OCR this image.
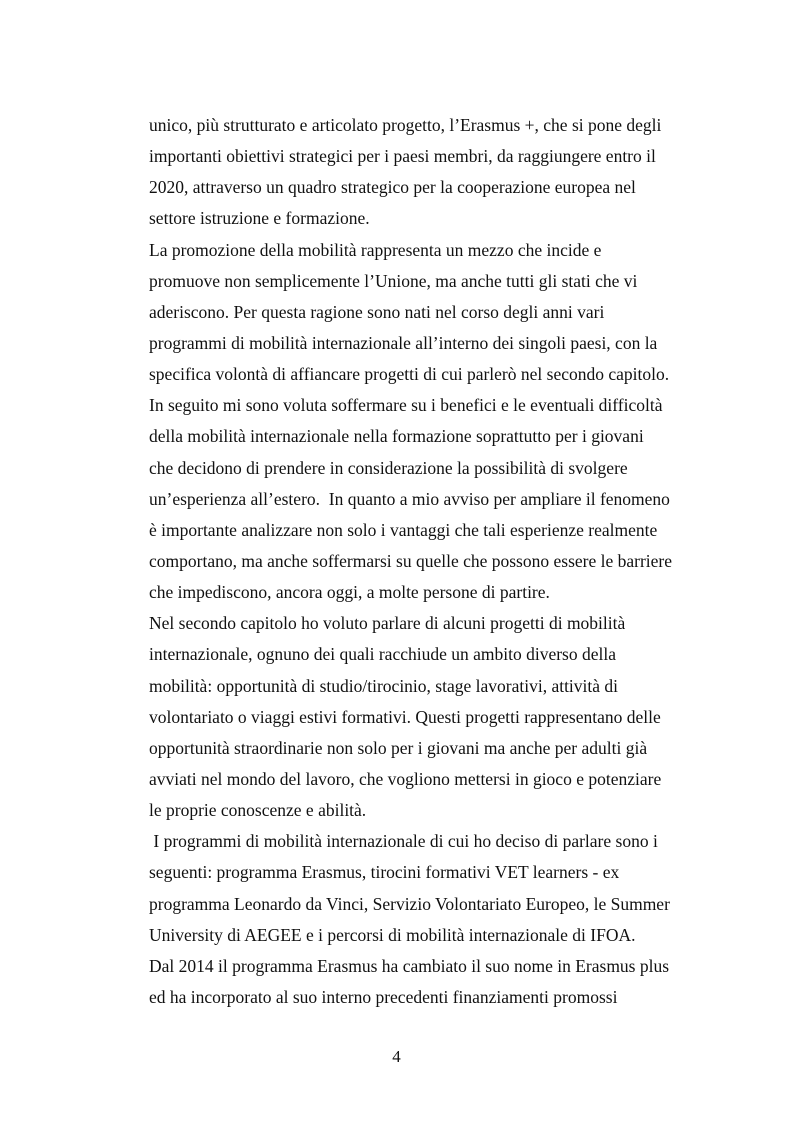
unico, più strutturato e articolato progetto, l’Erasmus +, che si pone degli
importanti obiettivi strategici per i paesi membri, da raggiungere entro il
2020, attraverso un quadro strategico per la cooperazione europea nel
settore istruzione e formazione.
La promozione della mobilità rappresenta un mezzo che incide e
promuove non semplicemente l’Unione, ma anche tutti gli stati che vi
aderiscono. Per questa ragione sono nati nel corso degli anni vari
programmi di mobilità internazionale all’interno dei singoli paesi, con la
specifica volontà di affiancare progetti di cui parlerò nel secondo capitolo.
In seguito mi sono voluta soffermare su i benefici e le eventuali difficoltà
della mobilità internazionale nella formazione soprattutto per i giovani
che decidono di prendere in considerazione la possibilità di svolgere
un’esperienza all’estero.  In quanto a mio avviso per ampliare il fenomeno
è importante analizzare non solo i vantaggi che tali esperienze realmente
comportano, ma anche soffermarsi su quelle che possono essere le barriere
che impediscono, ancora oggi, a molte persone di partire.
Nel secondo capitolo ho voluto parlare di alcuni progetti di mobilità
internazionale, ognuno dei quali racchiude un ambito diverso della
mobilità: opportunità di studio/tirocinio, stage lavorativi, attività di
volontariato o viaggi estivi formativi. Questi progetti rappresentano delle
opportunità straordinarie non solo per i giovani ma anche per adulti già
avviati nel mondo del lavoro, che vogliono mettersi in gioco e potenziare
le proprie conoscenze e abilità.
I programmi di mobilità internazionale di cui ho deciso di parlare sono i
seguenti: programma Erasmus, tirocini formativi VET learners - ex
programma Leonardo da Vinci, Servizio Volontariato Europeo, le Summer
University di AEGEE e i percorsi di mobilità internazionale di IFOA.
Dal 2014 il programma Erasmus ha cambiato il suo nome in Erasmus plus
ed ha incorporato al suo interno precedenti finanziamenti promossi
4
